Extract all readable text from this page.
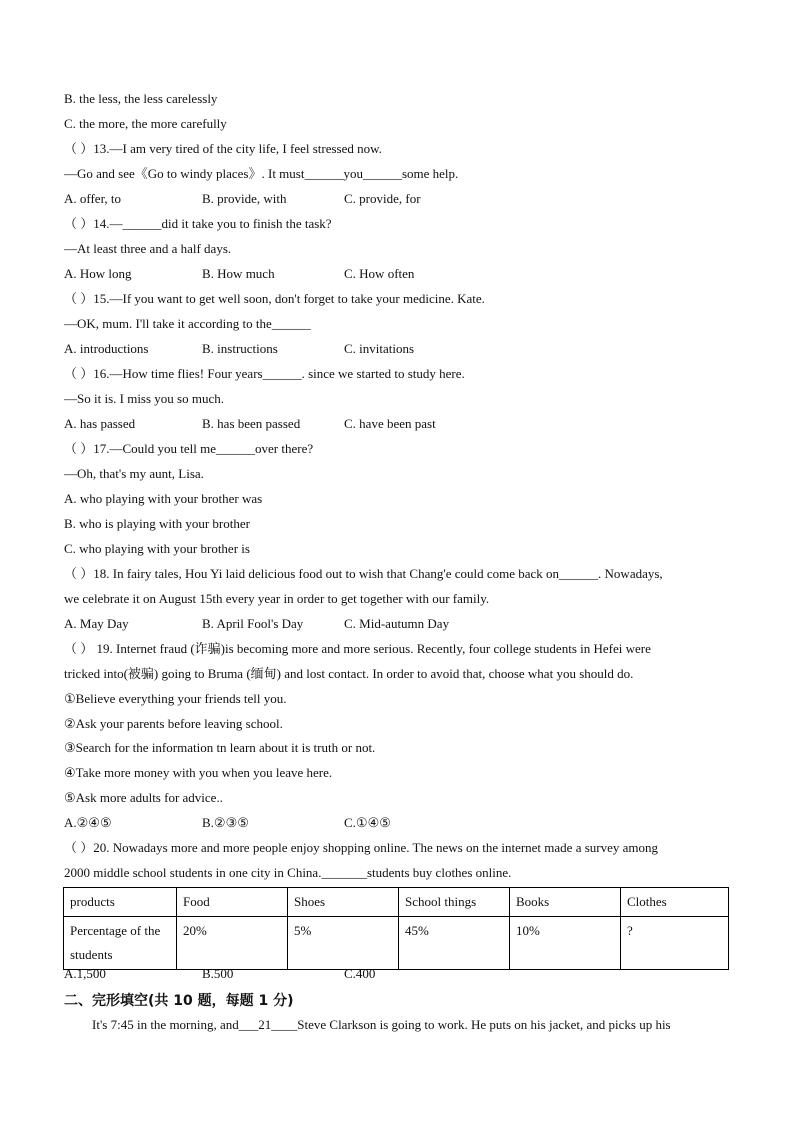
B. the less, the less carelessly
C. the more, the more carefully
（ ）13.—I am very tired of the city life, I feel stressed now.
—Go and see《Go to windy places》. It must______you______some help.
A. offer, to	B. provide, with	C. provide, for
（ ）14.—______did it take you to finish the task?
—At least three and a half days.
A. How long	B. How much	C. How often
（ ）15.—If you want to get well soon, don't forget to take your medicine. Kate.
—OK, mum. I'll take it according to the______
A. introductions	B. instructions	C. invitations
（ ）16.—How time flies! Four years______. since we started to study here.
—So it is. I miss you so much.
A. has passed	B. has been passed	C. have been past
（ ）17.—Could you tell me______over there?
—Oh, that's my aunt, Lisa.
A. who playing with your brother was
B. who is playing with your brother
C. who playing with your brother is
（ ）18. In fairy tales, Hou Yi laid delicious food out to wish that Chang'e could come back on______. Nowadays,
we celebrate it on August 15th every year in order to get together with our family.
A. May Day	B. April Fool's Day	C. Mid-autumn Day
（ ） 19. Internet fraud (诈骗)is becoming more and more serious. Recently, four college students in Hefei were
tricked into(被骗) going to Bruma (缅甸) and lost contact. In order to avoid that, choose what you should do.
①Believe everything your friends tell you.
②Ask your parents before leaving school.
③Search for the information tn learn about it is truth or not.
④Take more money with you when you leave here.
⑤Ask more adults for advice..
A.②④⑤	B.②③⑤	C.①④⑤
（ ）20. Nowadays more and more people enjoy shopping online. The news on the internet made a survey among
2000 middle school students in one city in China._______students buy clothes online.
products	Food	Shoes	School things	Books	Clothes
Percentage of the students	20%	5%	45%	10%	?
A.1,500	B.500	C.400
二、完形填空(共 10 题，每题 1 分)
It's 7:45 in the morning, and___21____Steve Clarkson is going to work. He puts on his jacket, and picks up his
